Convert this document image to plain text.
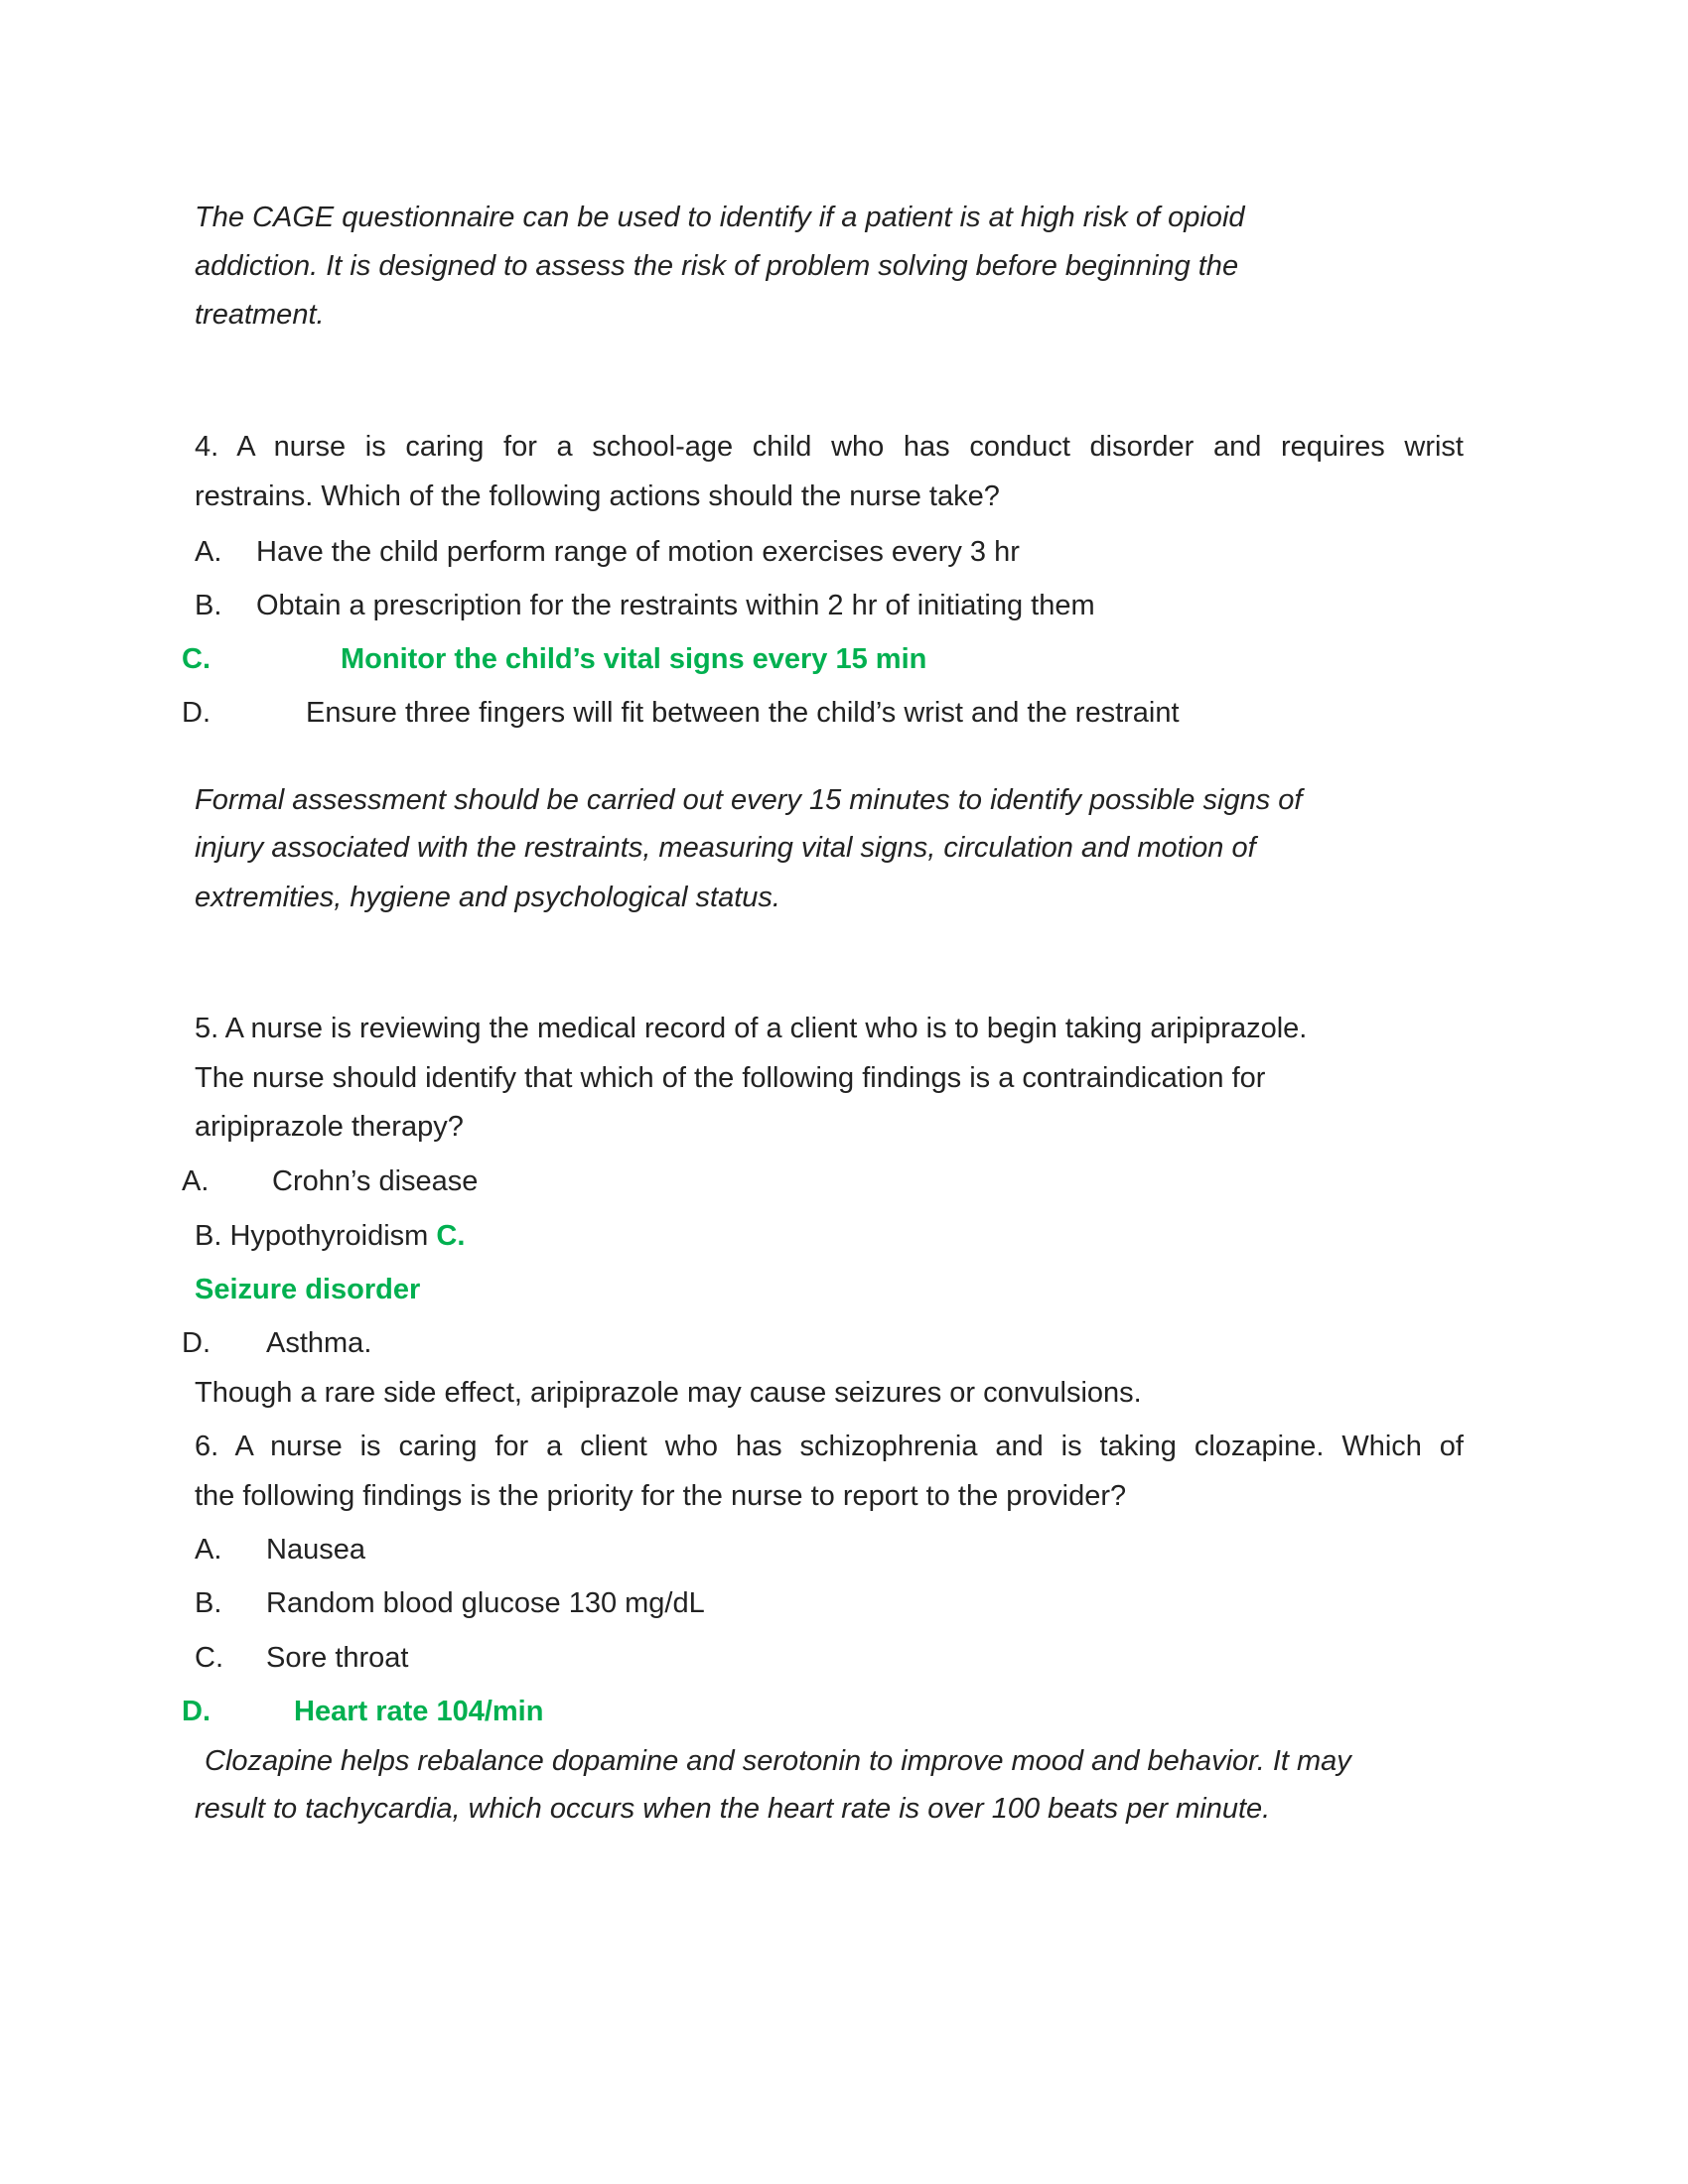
The CAGE questionnaire can be used to identify if a patient is at high risk of opioid
addiction. It is designed to assess the risk of problem solving before beginning the
treatment.
4. A nurse is caring for a school-age child who has conduct disorder and requires wrist
restrains. Which of the following actions should the nurse take?
A. Have the child perform range of motion exercises every 3 hr
B. Obtain a prescription for the restraints within 2 hr of initiating them
C.	Monitor the child’s vital signs every 15 min
D.	Ensure three fingers will fit between the child’s wrist and the restraint
Formal assessment should be carried out every 15 minutes to identify possible signs of
injury associated with the restraints, measuring vital signs, circulation and motion of
extremities, hygiene and psychological status.
5. A nurse is reviewing the medical record of a client who is to begin taking aripiprazole.
The nurse should identify that which of the following findings is a contraindication for
aripiprazole therapy?
A. Crohn’s disease
B. Hypothyroidism C.
Seizure disorder
D. Asthma.
Though a rare side effect, aripiprazole may cause seizures or convulsions.
6. A nurse is caring for a client who has schizophrenia and is taking clozapine. Which of
the following findings is the priority for the nurse to report to the provider?
A. Nausea
B. Random blood glucose 130 mg/dL
C. Sore throat
D.	Heart rate 104/min
Clozapine helps rebalance dopamine and serotonin to improve mood and behavior. It may
result to tachycardia, which occurs when the heart rate is over 100 beats per minute.
